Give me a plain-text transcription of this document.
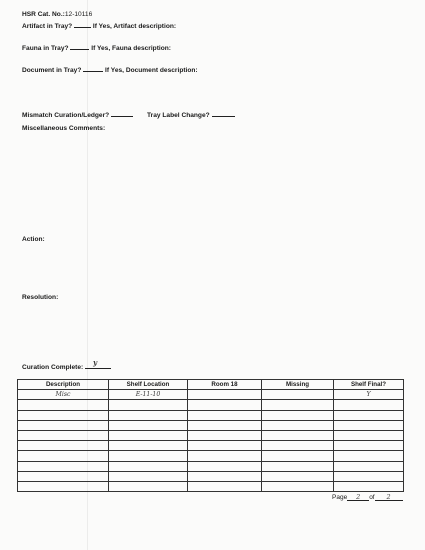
HSR Cat. No.:12-10116
Artifact in Tray?	If Yes, Artifact description:
Fauna in Tray?	If Yes, Fauna description:
Document in Tray?	If Yes, Document description:
Mismatch Curation/Ledger?	Tray Label Change?
Miscellaneous Comments:
Action:
Resolution:
Curation Complete:
y
Description	Shelf Location	Room 18	Missing	Shelf Final?
Misc	E-11-10			Y

Page 2 of 2
